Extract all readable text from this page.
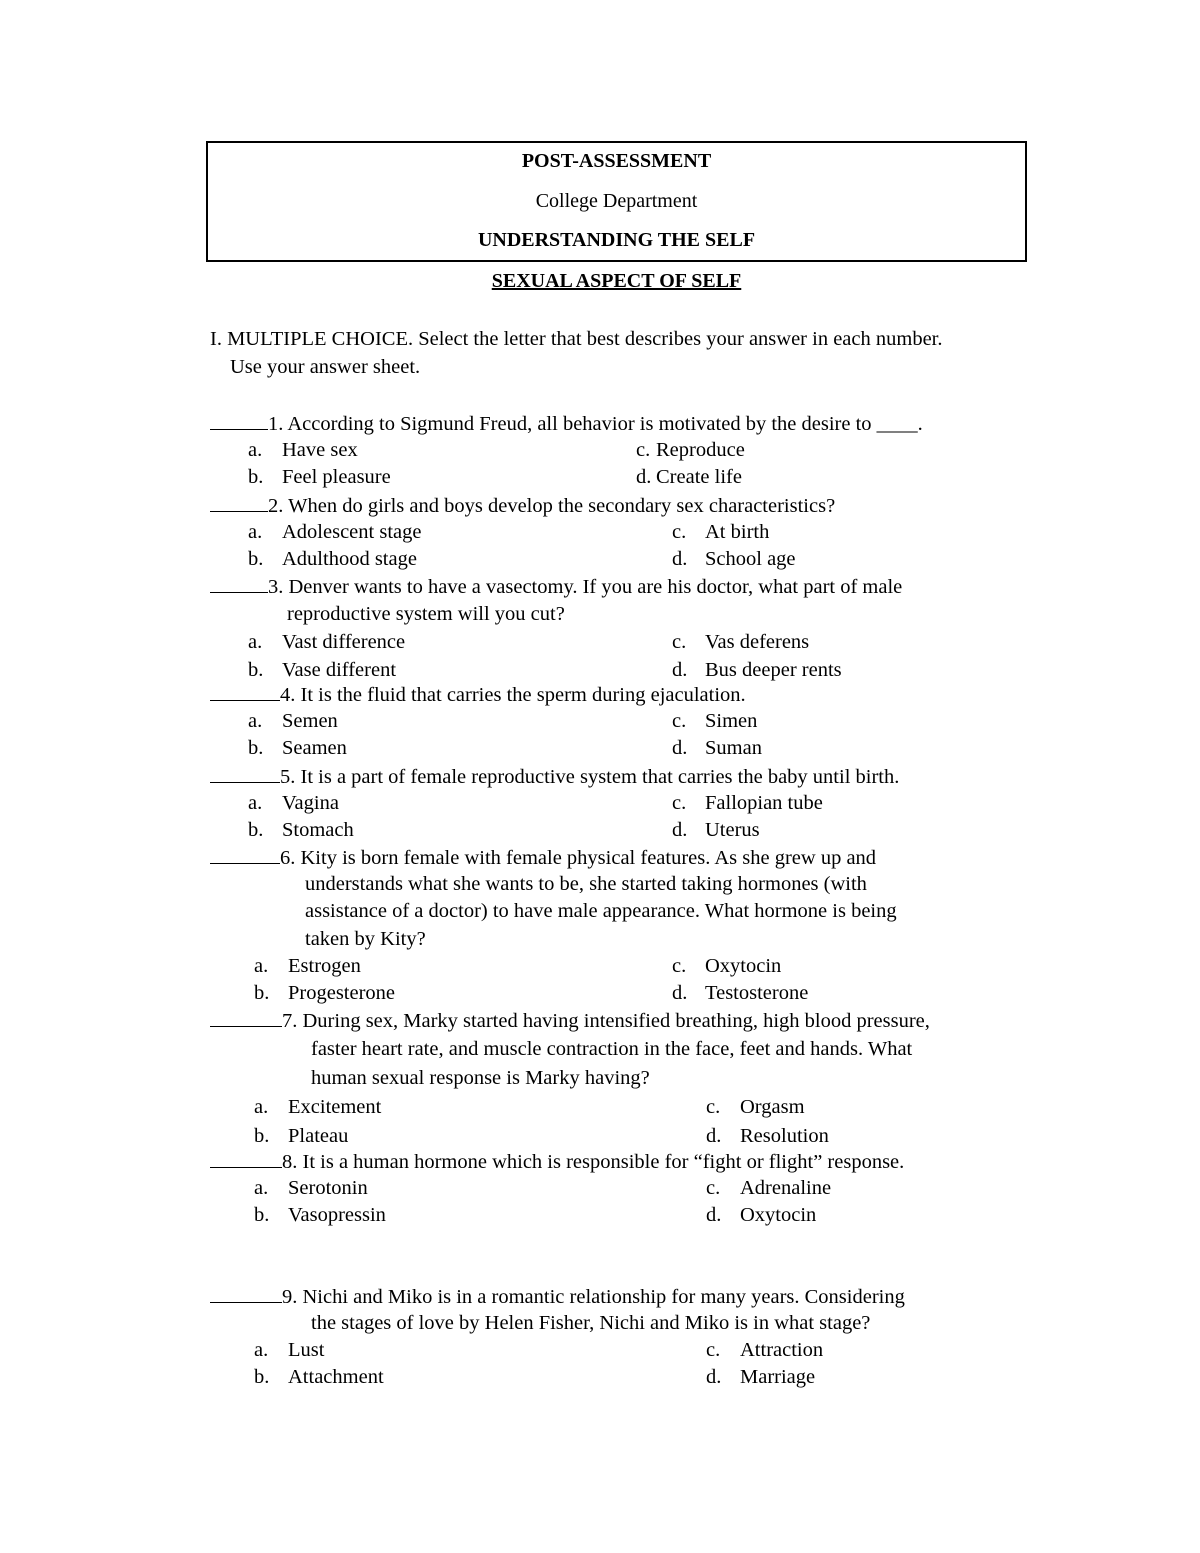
POST-ASSESSMENT
College Department
UNDERSTANDING THE SELF
SEXUAL ASPECT OF SELF
I. MULTIPLE CHOICE. Select the letter that best describes your answer in each number.
Use your answer sheet.
1. According to Sigmund Freud, all behavior is motivated by the desire to ____.
a. Have sex	c. Reproduce
b. Feel pleasure	d. Create life
2. When do girls and boys develop the secondary sex characteristics?
a. Adolescent stage	c. At birth
b. Adulthood stage	d. School age
3. Denver wants to have a vasectomy. If you are his doctor, what part of male
reproductive system will you cut?
a. Vast difference	c. Vas deferens
b. Vase different	d. Bus deeper rents
4. It is the fluid that carries the sperm during ejaculation.
a. Semen	c. Simen
b. Seamen	d. Suman
5. It is a part of female reproductive system that carries the baby until birth.
a. Vagina	c. Fallopian tube
b. Stomach	d. Uterus
6. Kity is born female with female physical features. As she grew up and
understands what she wants to be, she started taking hormones (with
assistance of a doctor) to have male appearance. What hormone is being
taken by Kity?
a. Estrogen	c. Oxytocin
b. Progesterone	d. Testosterone
7. During sex, Marky started having intensified breathing, high blood pressure,
faster heart rate, and muscle contraction in the face, feet and hands. What
human sexual response is Marky having?
a. Excitement	c. Orgasm
b. Plateau	d. Resolution
8. It is a human hormone which is responsible for “fight or flight” response.
a. Serotonin	c. Adrenaline
b. Vasopressin	d. Oxytocin
9. Nichi and Miko is in a romantic relationship for many years. Considering
the stages of love by Helen Fisher, Nichi and Miko is in what stage?
a. Lust	c. Attraction
b. Attachment	d. Marriage
